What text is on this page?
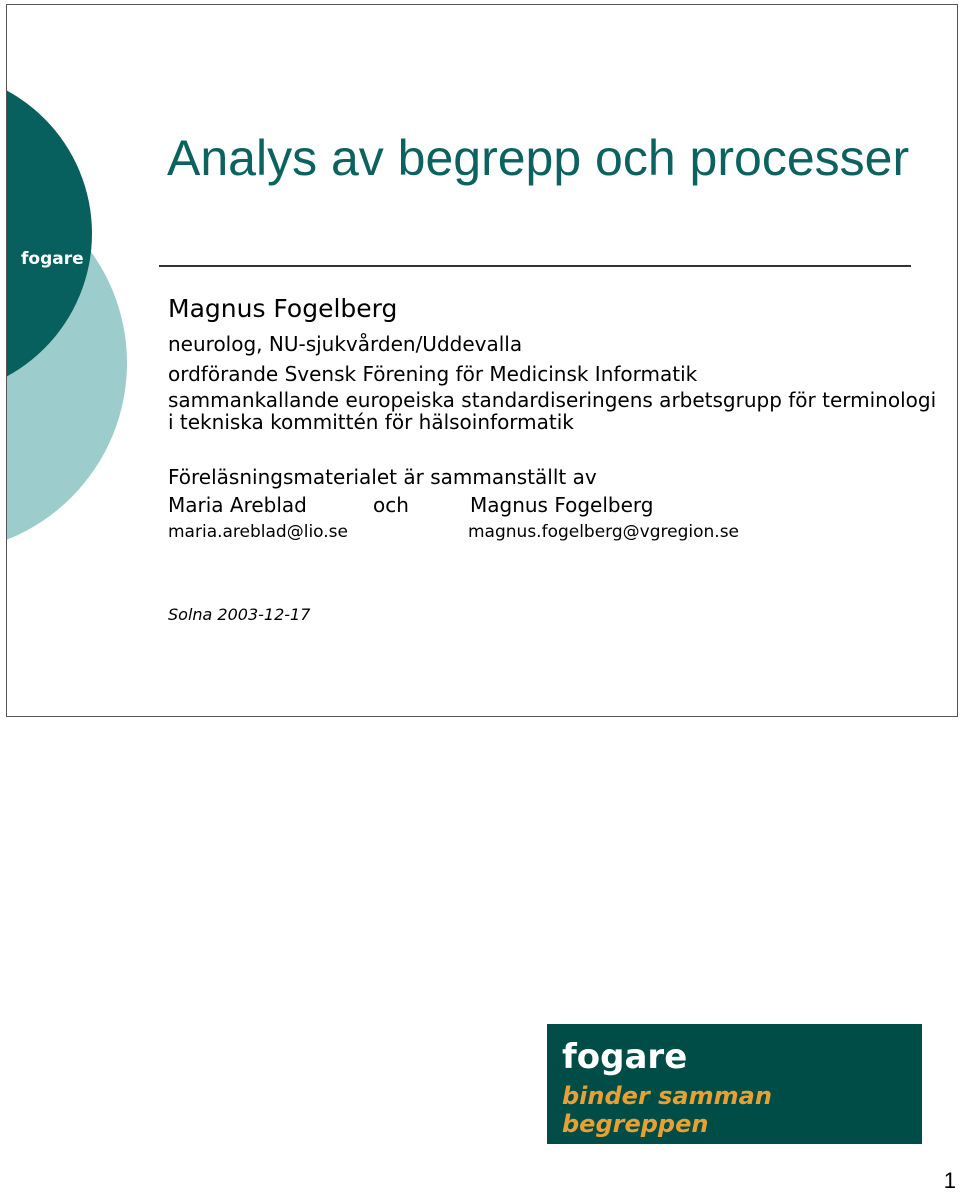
fogare
Analys av begrepp och processer
Magnus Fogelberg
neurolog, NU-sjukvården/Uddevalla
ordförande Svensk Förening för Medicinsk Informatik
sammankallande europeiska standardiseringens arbetsgrupp för terminologi i tekniska kommittén för hälsoinformatik
Föreläsningsmaterialet är sammanställt av
Maria Areblad	och	Magnus Fogelberg
maria.areblad@lio.se	magnus.fogelberg@vgregion.se
Solna 2003-12-17
fogare
binder samman
begreppen
1
